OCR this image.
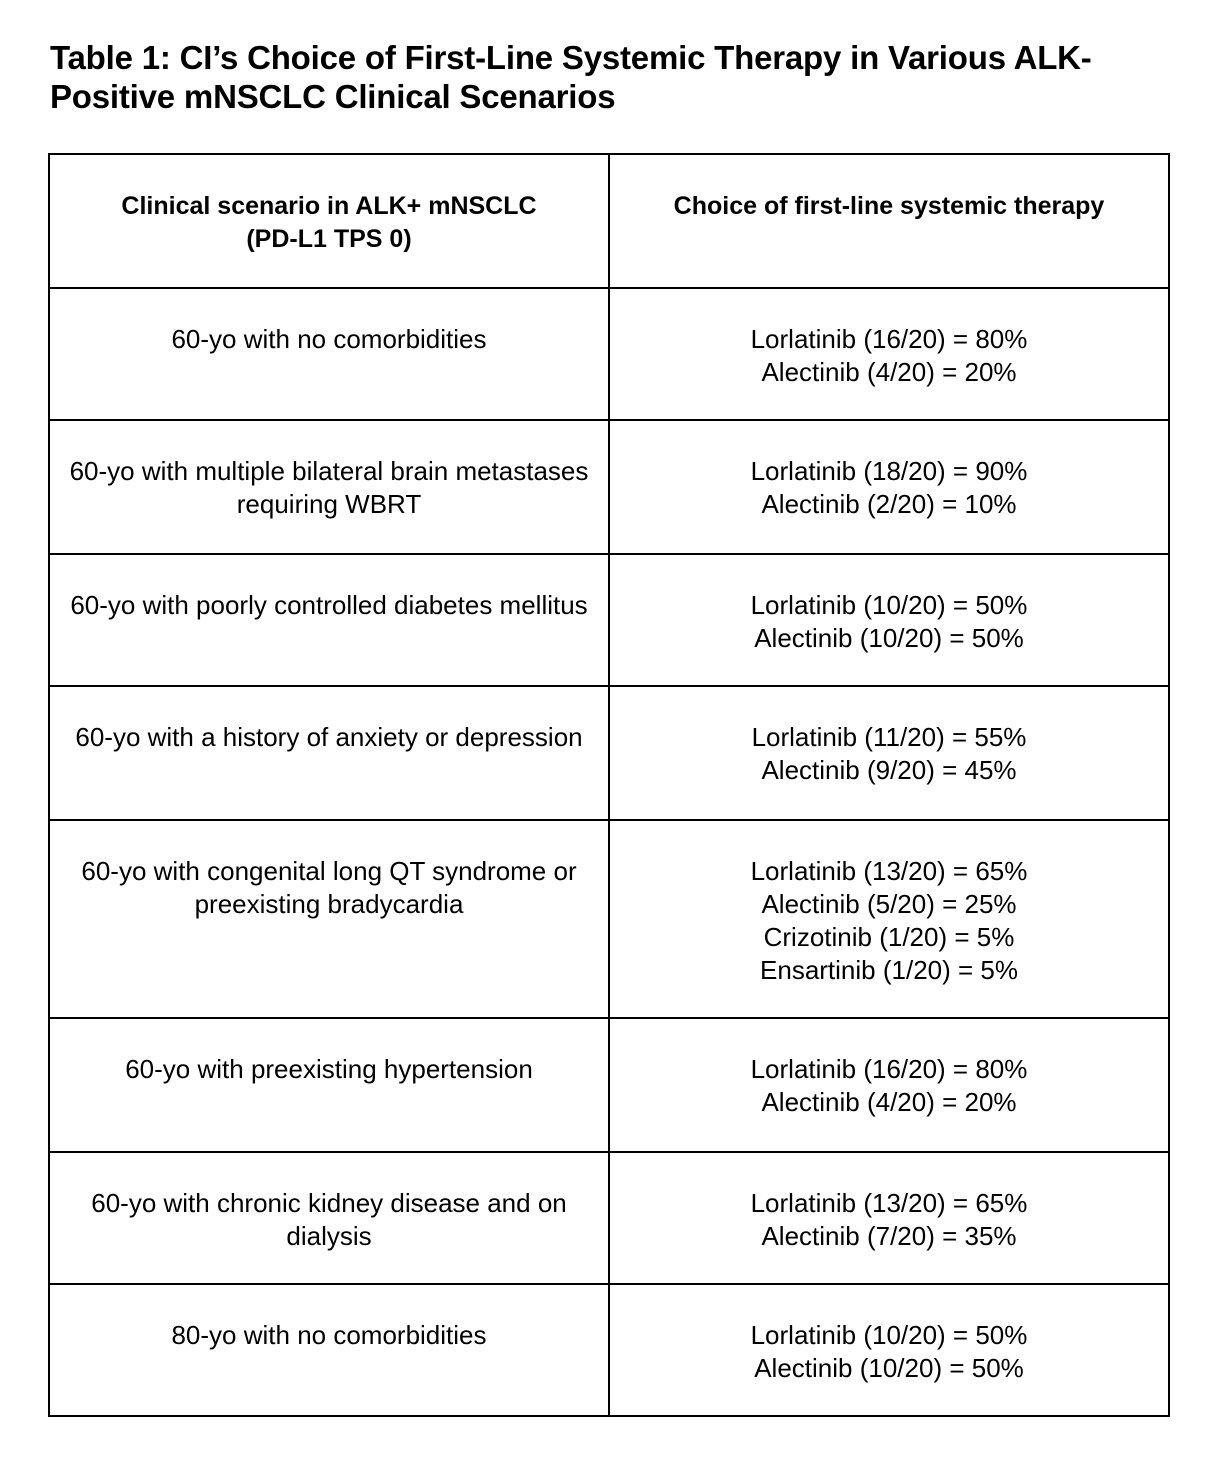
Table 1: CI’s Choice of First-Line Systemic Therapy in Various ALK-Positive mNSCLC Clinical Scenarios
Clinical scenario in ALK+ mNSCLC
(PD-L1 TPS 0)	Choice of first-line systemic therapy
60-yo with no comorbidities	Lorlatinib (16/20) = 80%
Alectinib (4/20) = 20%

60-yo with multiple bilateral brain metastases requiring WBRT	Lorlatinib (18/20) = 90%
Alectinib (2/20) = 10%

60-yo with poorly controlled diabetes mellitus	Lorlatinib (10/20) = 50%
Alectinib (10/20) = 50%

60-yo with a history of anxiety or depression	Lorlatinib (11/20) = 55%
Alectinib (9/20) = 45%

60-yo with congenital long QT syndrome or preexisting bradycardia	Lorlatinib (13/20) = 65%
Alectinib (5/20) = 25%
Crizotinib (1/20) = 5%
Ensartinib (1/20) = 5%

60-yo with preexisting hypertension	Lorlatinib (16/20) = 80%
Alectinib (4/20) = 20%

60-yo with chronic kidney disease and on dialysis	Lorlatinib (13/20) = 65%
Alectinib (7/20) = 35%

80-yo with no comorbidities	Lorlatinib (10/20) = 50%
Alectinib (10/20) = 50%
